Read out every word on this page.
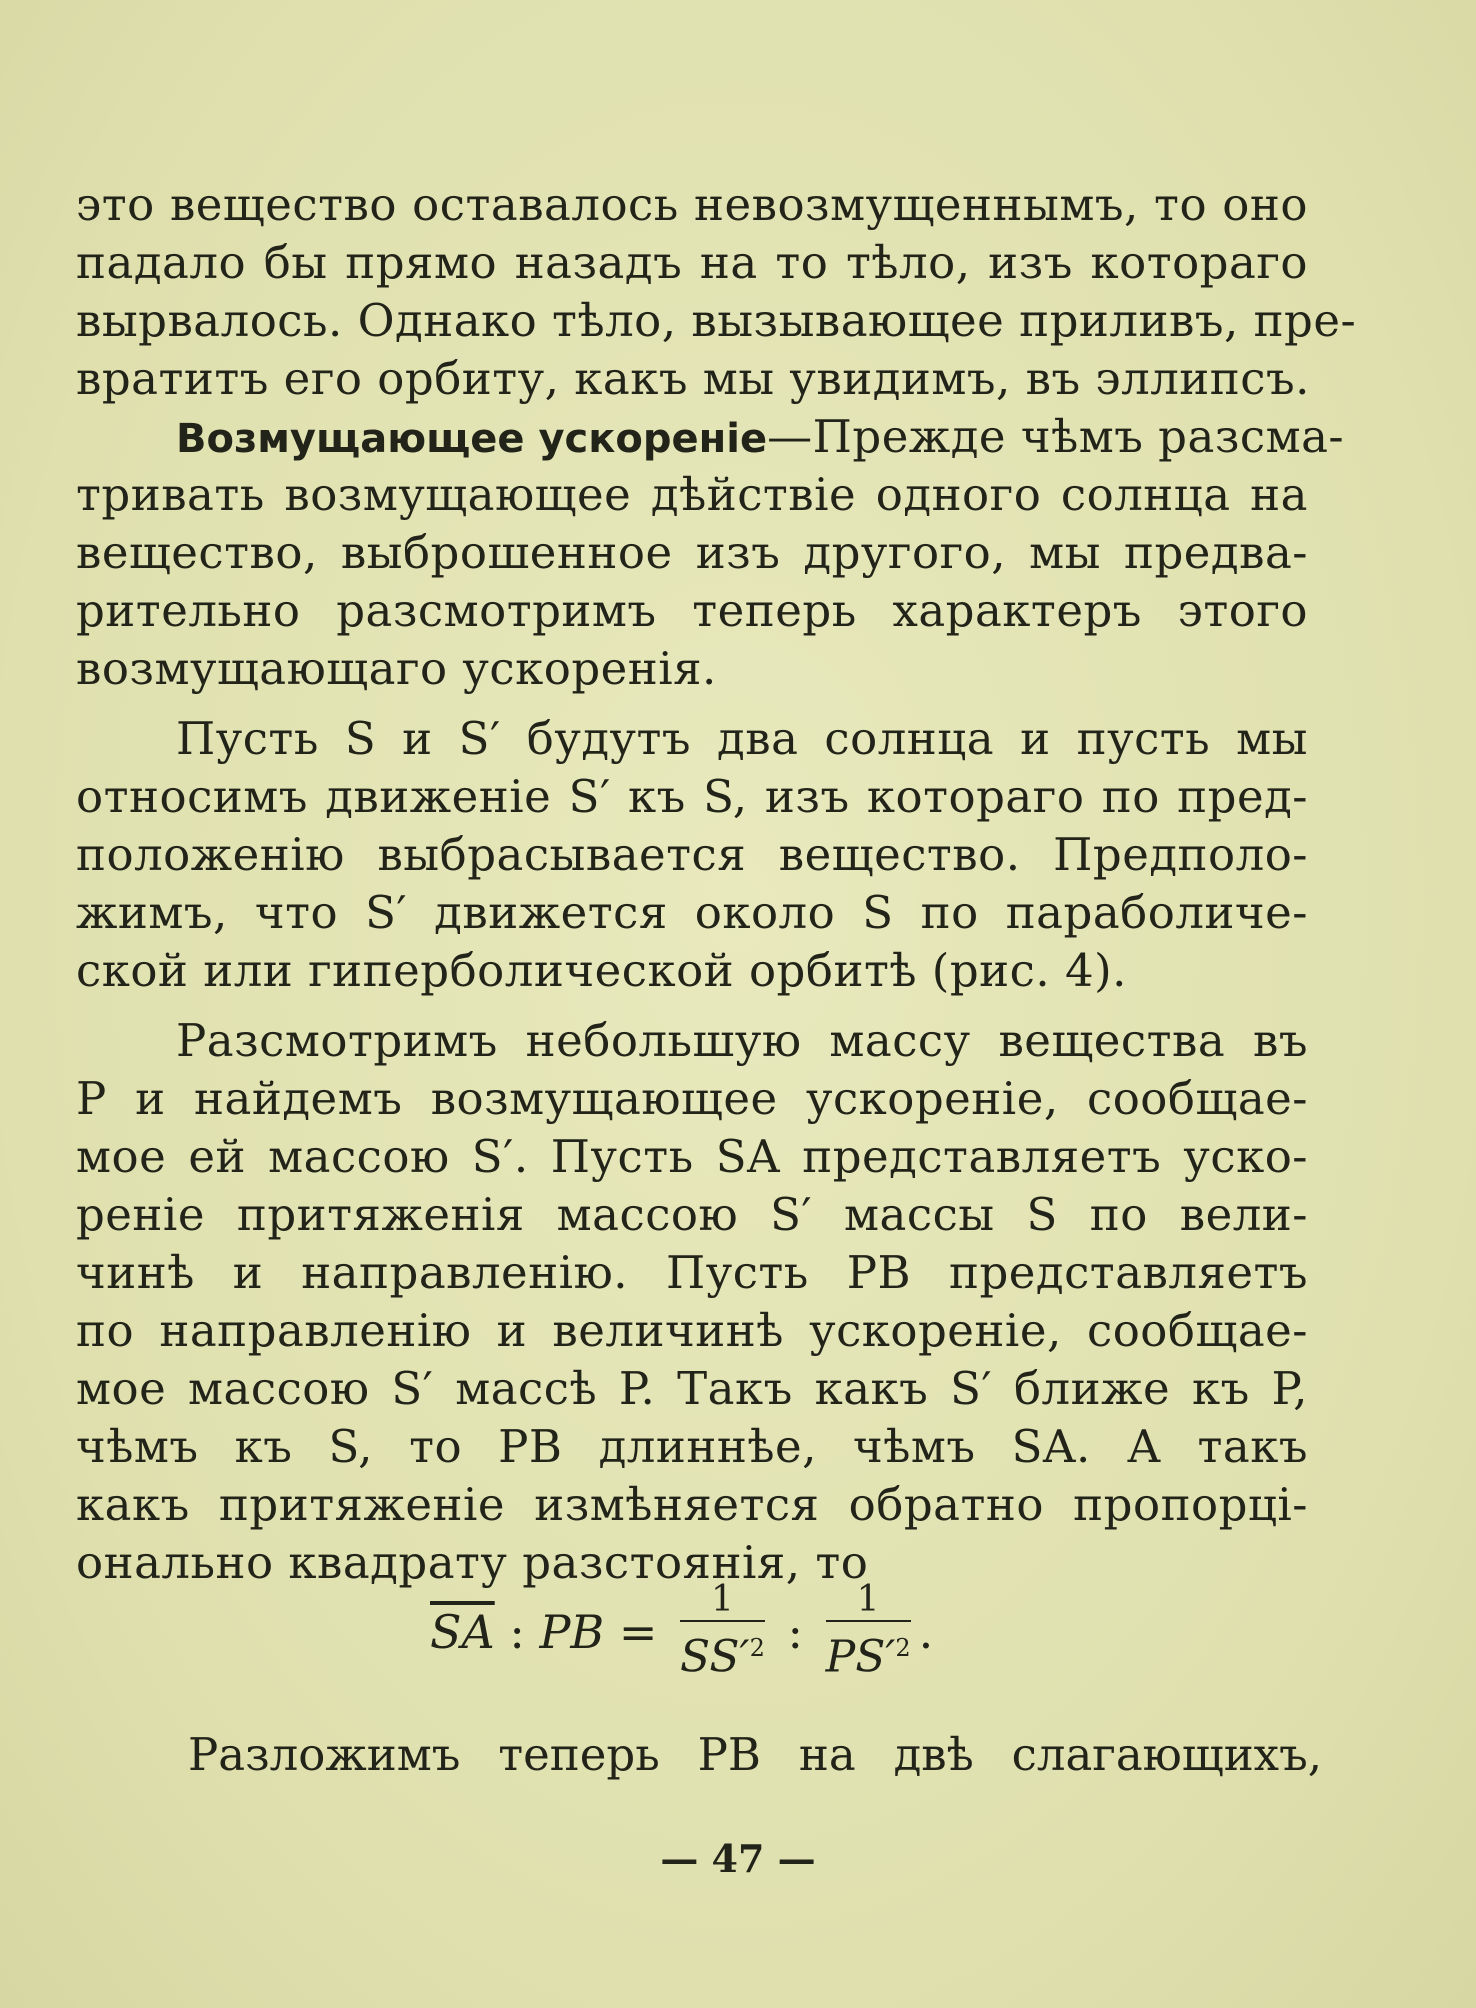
это вещество оставалось невозмущеннымъ, то оно
падало бы прямо назадъ на то тѣло, изъ котораго
вырвалось. Однако тѣло, вызывающее приливъ, пре-
вратитъ его орбиту, какъ мы увидимъ, въ эллипсъ.
Возмущающее ускореніе—Прежде чѣмъ разсма-
тривать возмущающее дѣйствіе одного солнца на
вещество, выброшенное изъ другого, мы предва-
рительно разсмотримъ теперь характеръ этого
возмущающаго ускоренія.
Пусть S и S′ будутъ два солнца и пусть мы
относимъ движеніе S′ къ S, изъ котораго по пред-
положенію выбрасывается вещество. Предполо-
жимъ, что S′ движется около S по параболиче-
ской или гиперболической орбитѣ (рис. 4).
Разсмотримъ небольшую массу вещества въ
P и найдемъ возмущающее ускореніе, сообщае-
мое ей массою S′. Пусть SA представляетъ уско-
реніе притяженія массою S′ массы S по вели-
чинѣ и направленію. Пусть PB представляетъ
по направленію и величинѣ ускореніе, сообщае-
мое массою S′ массѣ P. Такъ какъ S′ ближе къ P,
чѣмъ къ S, то PB длиннѣе, чѣмъ SA. А такъ
какъ притяженіе измѣняется обратно пропорці-
онально квадрату разстоянія, то
$\overline{SA}$ : PB = $\frac{1}{SS'^2}$ : $\frac{1}{PS'^2}$ .
Разложимъ теперь PB на двѣ слагающихъ,
— 47 —
